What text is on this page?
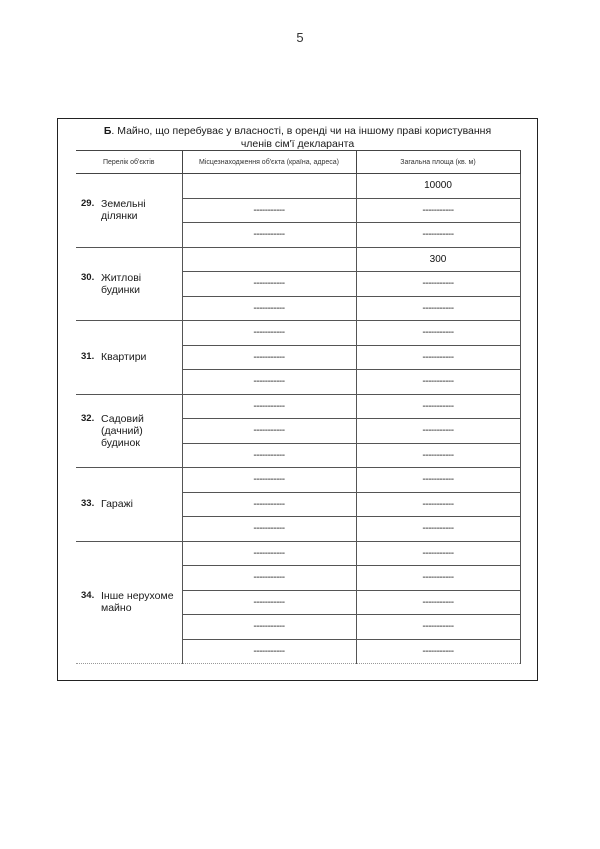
5
Б. Майно, що перебуває у власності, в оренді чи на іншому праві користування
членів сім'ї декларанта
Перелік об'єктів	Місцезнаходження об'єкта (країна, адреса)	Загальна площа (кв. м)
29. Земельні ділянки		10000
	-----------	-----------
	-----------	-----------
30. Житлові будинки		300
	-----------	-----------
	-----------	-----------
31. Квартири	-----------	-----------
	-----------	-----------
	-----------	-----------
32. Садовий (дачний) будинок	-----------	-----------
	-----------	-----------
	-----------	-----------
33. Гаражі	-----------	-----------
	-----------	-----------
	-----------	-----------
34. Інше нерухоме майно	-----------	-----------
	-----------	-----------
	-----------	-----------
	-----------	-----------
	-----------	-----------
